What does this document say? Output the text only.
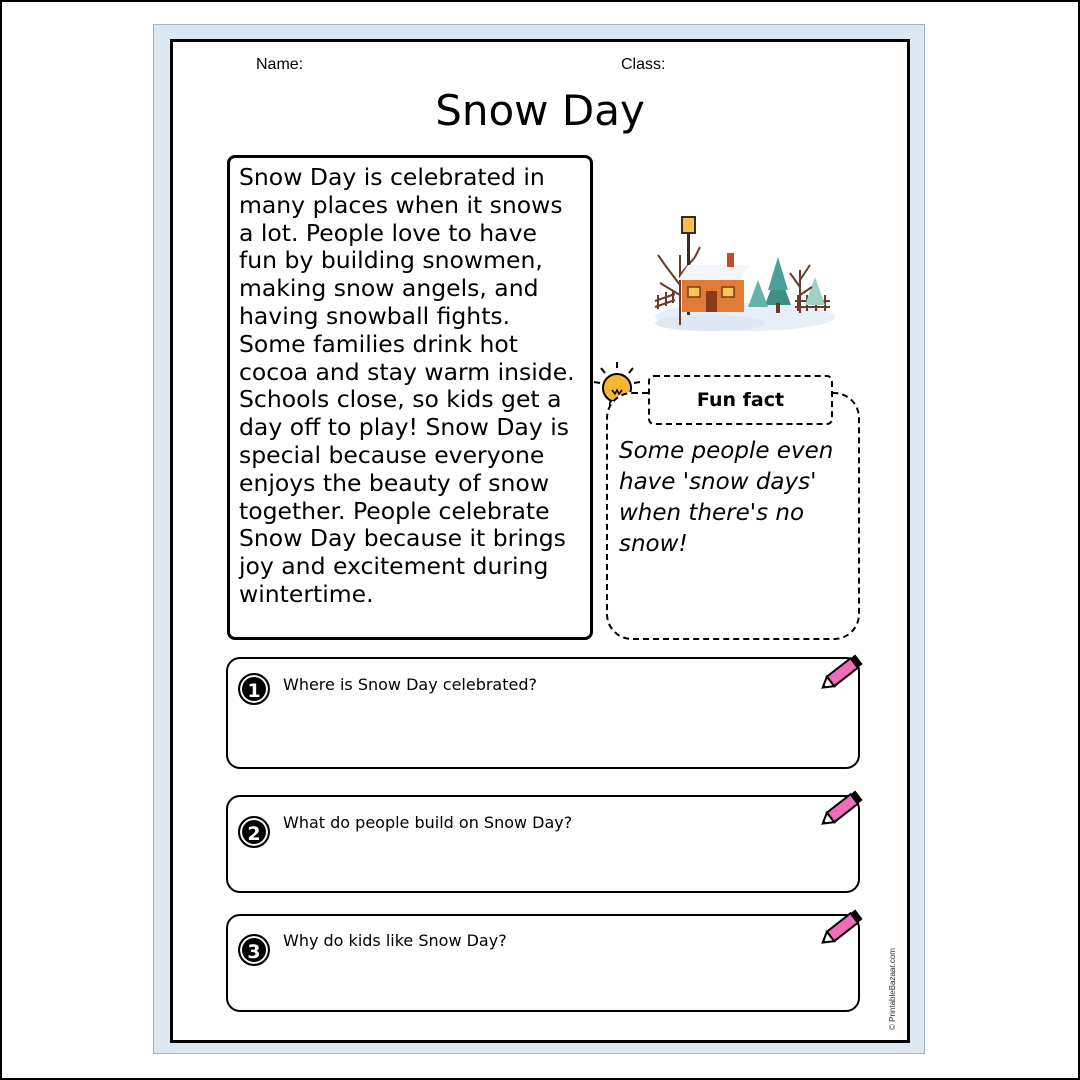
Name:	Class:
Snow Day
Snow Day is celebrated in many places when it snows a lot. People love to have fun by building snowmen, making snow angels, and having snowball fights. Some families drink hot cocoa and stay warm inside. Schools close, so kids get a day off to play! Snow Day is special because everyone enjoys the beauty of snow together. People celebrate Snow Day because it brings joy and excitement during wintertime.
Fun fact
Some people even have 'snow days' when there's no snow!
1	Where is Snow Day celebrated?
2
What do people build on Snow Day?
3
Why do kids like Snow Day?
© PrintableBazaar.com
